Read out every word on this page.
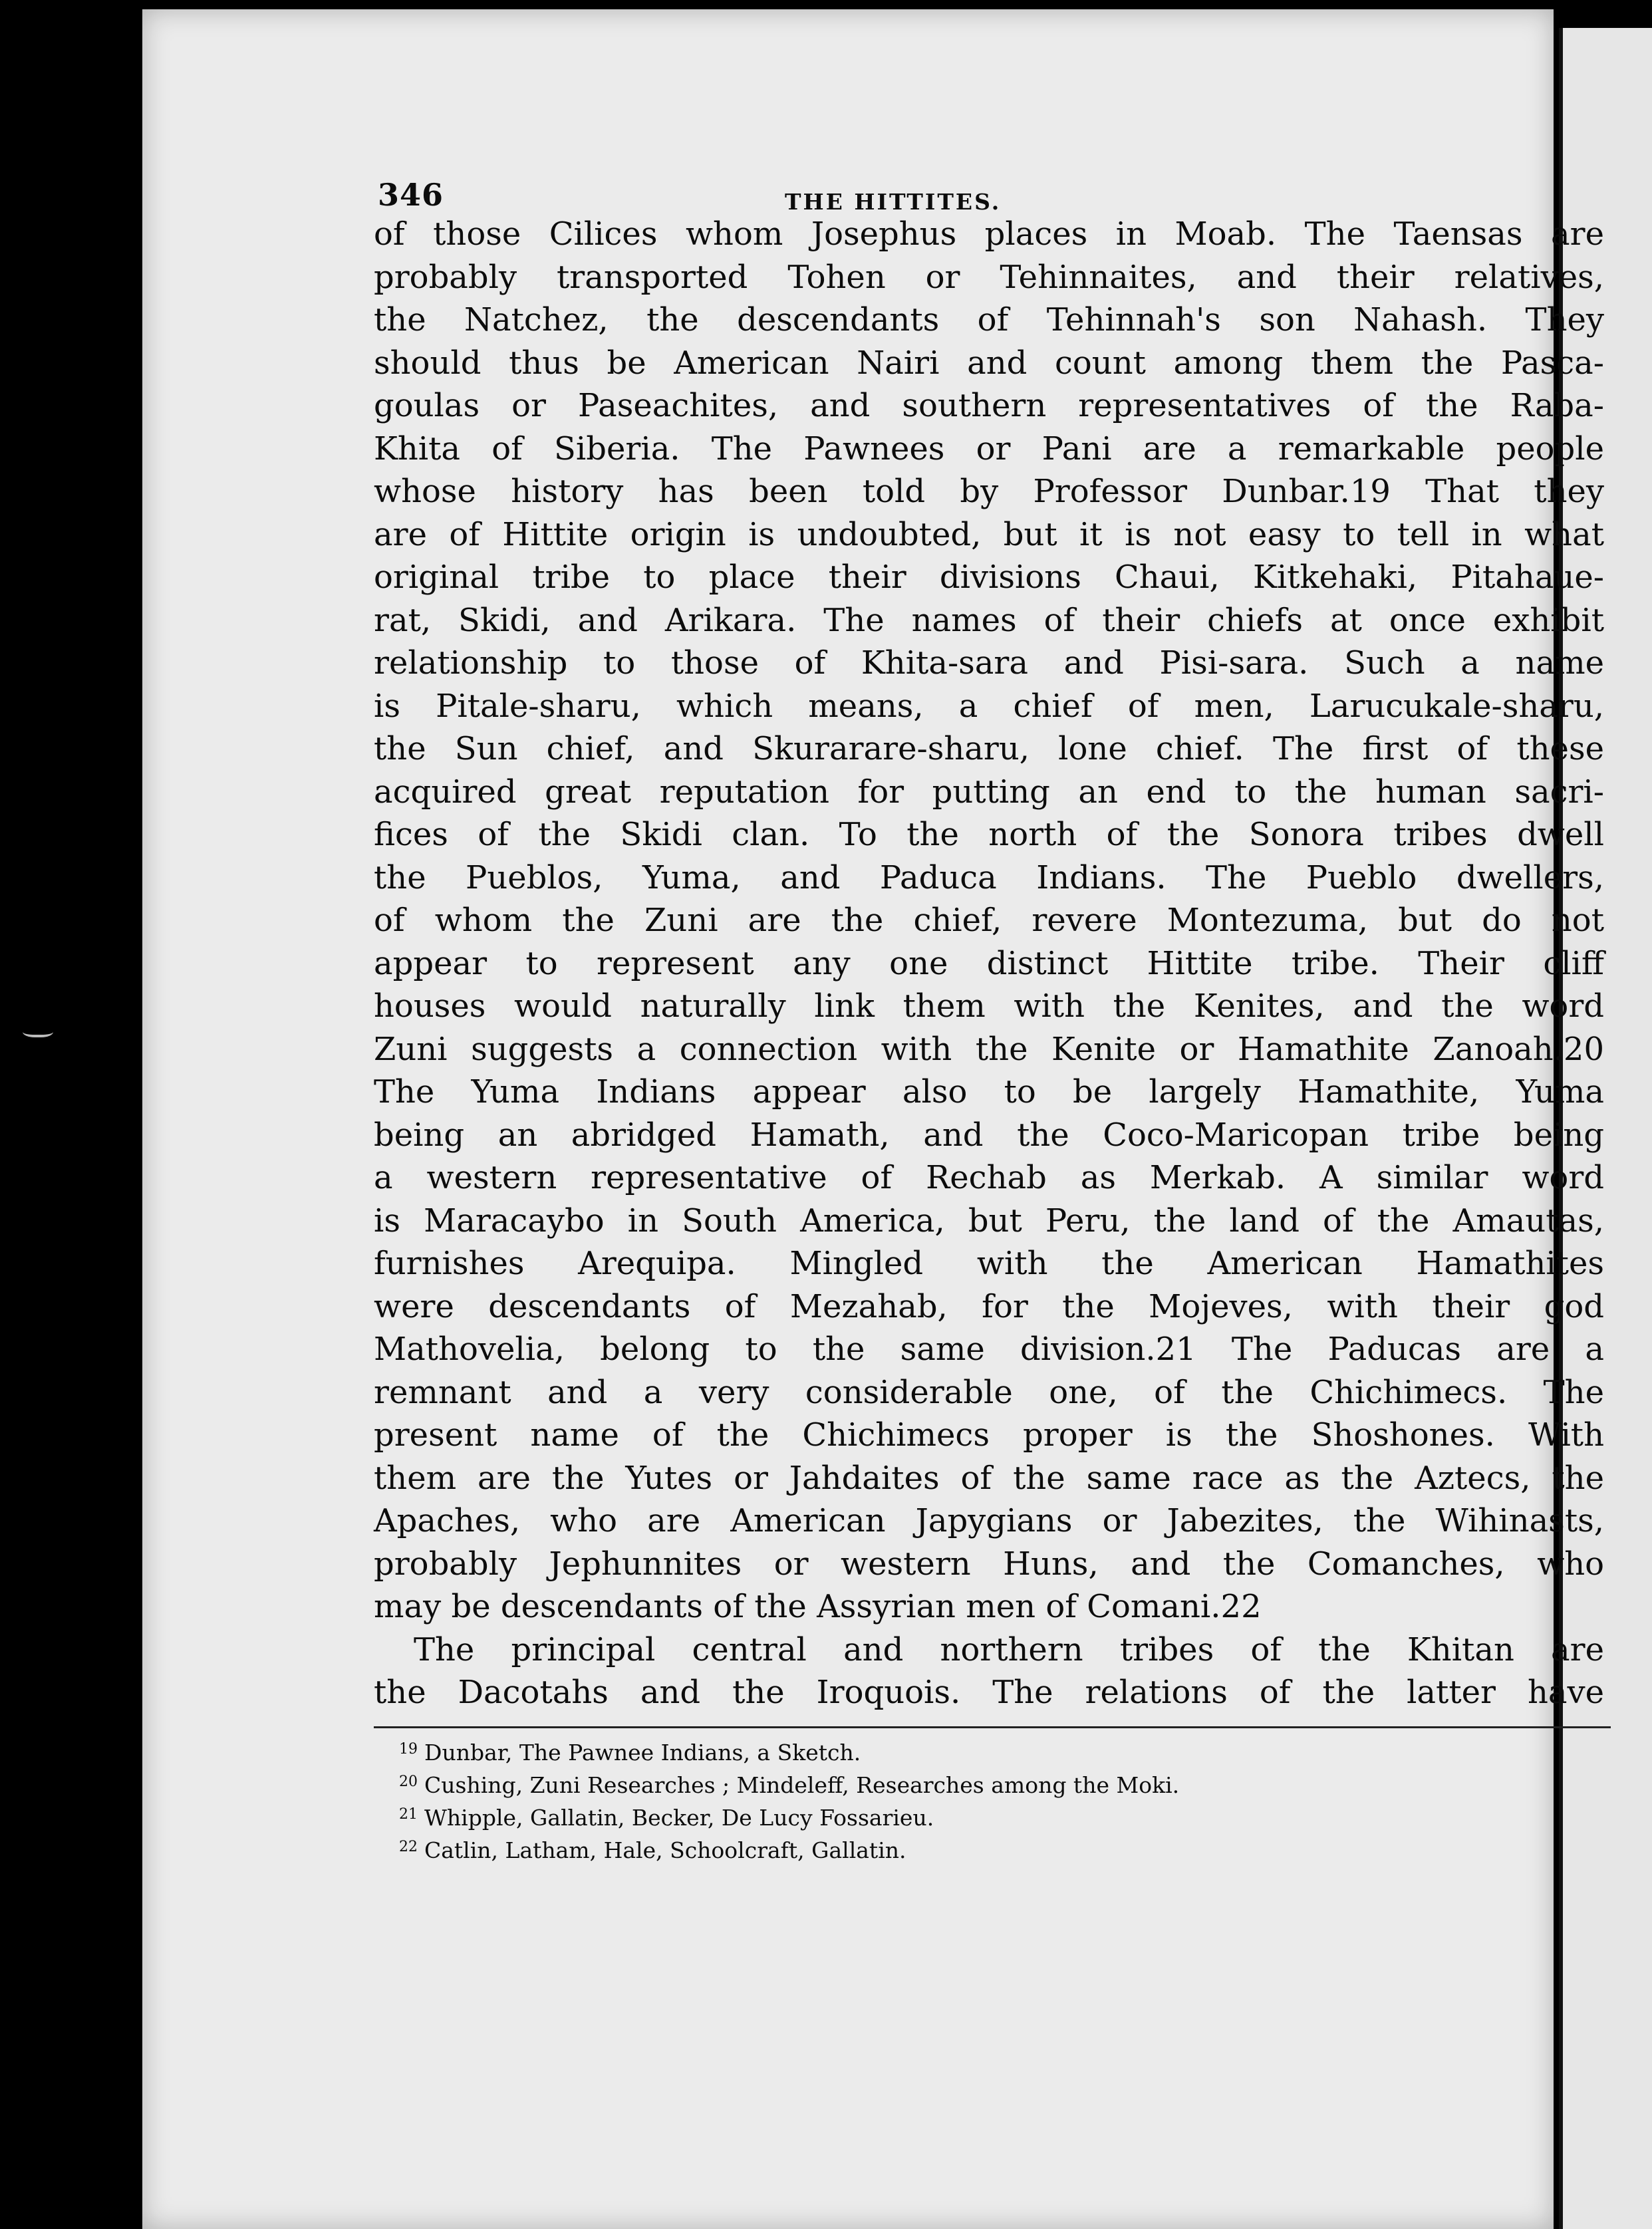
346	THE HITTITES.
of those Cilices whom Josephus places in Moab. The Taensas are
probably transported Tohen or Tehinnaites, and their relatives,
the Natchez, the descendants of Tehinnah's son Nahash. They
should thus be American Nairi and count among them the Pasca-
goulas or Paseachites, and southern representatives of the Raba-
Khita of Siberia. The Pawnees or Pani are a remarkable people
whose history has been told by Professor Dunbar.19 That they
are of Hittite origin is undoubted, but it is not easy to tell in what
original tribe to place their divisions Chaui, Kitkehaki, Pitahaue-
rat, Skidi, and Arikara. The names of their chiefs at once exhibit
relationship to those of Khita-sara and Pisi-sara. Such a name
is Pitale-sharu, which means, a chief of men, Larucukale-sharu,
the Sun chief, and Skurarare-sharu, lone chief. The first of these
acquired great reputation for putting an end to the human sacri-
fices of the Skidi clan. To the north of the Sonora tribes dwell
the Pueblos, Yuma, and Paduca Indians. The Pueblo dwellers,
of whom the Zuni are the chief, revere Montezuma, but do not
appear to represent any one distinct Hittite tribe. Their cliff
houses would naturally link them with the Kenites, and the word
Zuni suggests a connection with the Kenite or Hamathite Zanoah.20
The Yuma Indians appear also to be largely Hamathite, Yuma
being an abridged Hamath, and the Coco-Maricopan tribe being
a western representative of Rechab as Merkab. A similar word
is Maracaybo in South America, but Peru, the land of the Amautas,
furnishes Arequipa. Mingled with the American Hamathites
were descendants of Mezahab, for the Mojeves, with their god
Mathovelia, belong to the same division.21 The Paducas are a
remnant and a very considerable one, of the Chichimecs. The
present name of the Chichimecs proper is the Shoshones. With
them are the Yutes or Jahdaites of the same race as the Aztecs, the
Apaches, who are American Japygians or Jabezites, the Wihinasts,
probably Jephunnites or western Huns, and the Comanches, who
may be descendants of the Assyrian men of Comani.22
The principal central and northern tribes of the Khitan are
the Dacotahs and the Iroquois. The relations of the latter have
$^{19}$ Dunbar, The Pawnee Indians, a Sketch.
$^{20}$ Cushing, Zuni Researches ; Mindeleff, Researches among the Moki.
$^{21}$ Whipple, Gallatin, Becker, De Lucy Fossarieu.
$^{22}$ Catlin, Latham, Hale, Schoolcraft, Gallatin.
